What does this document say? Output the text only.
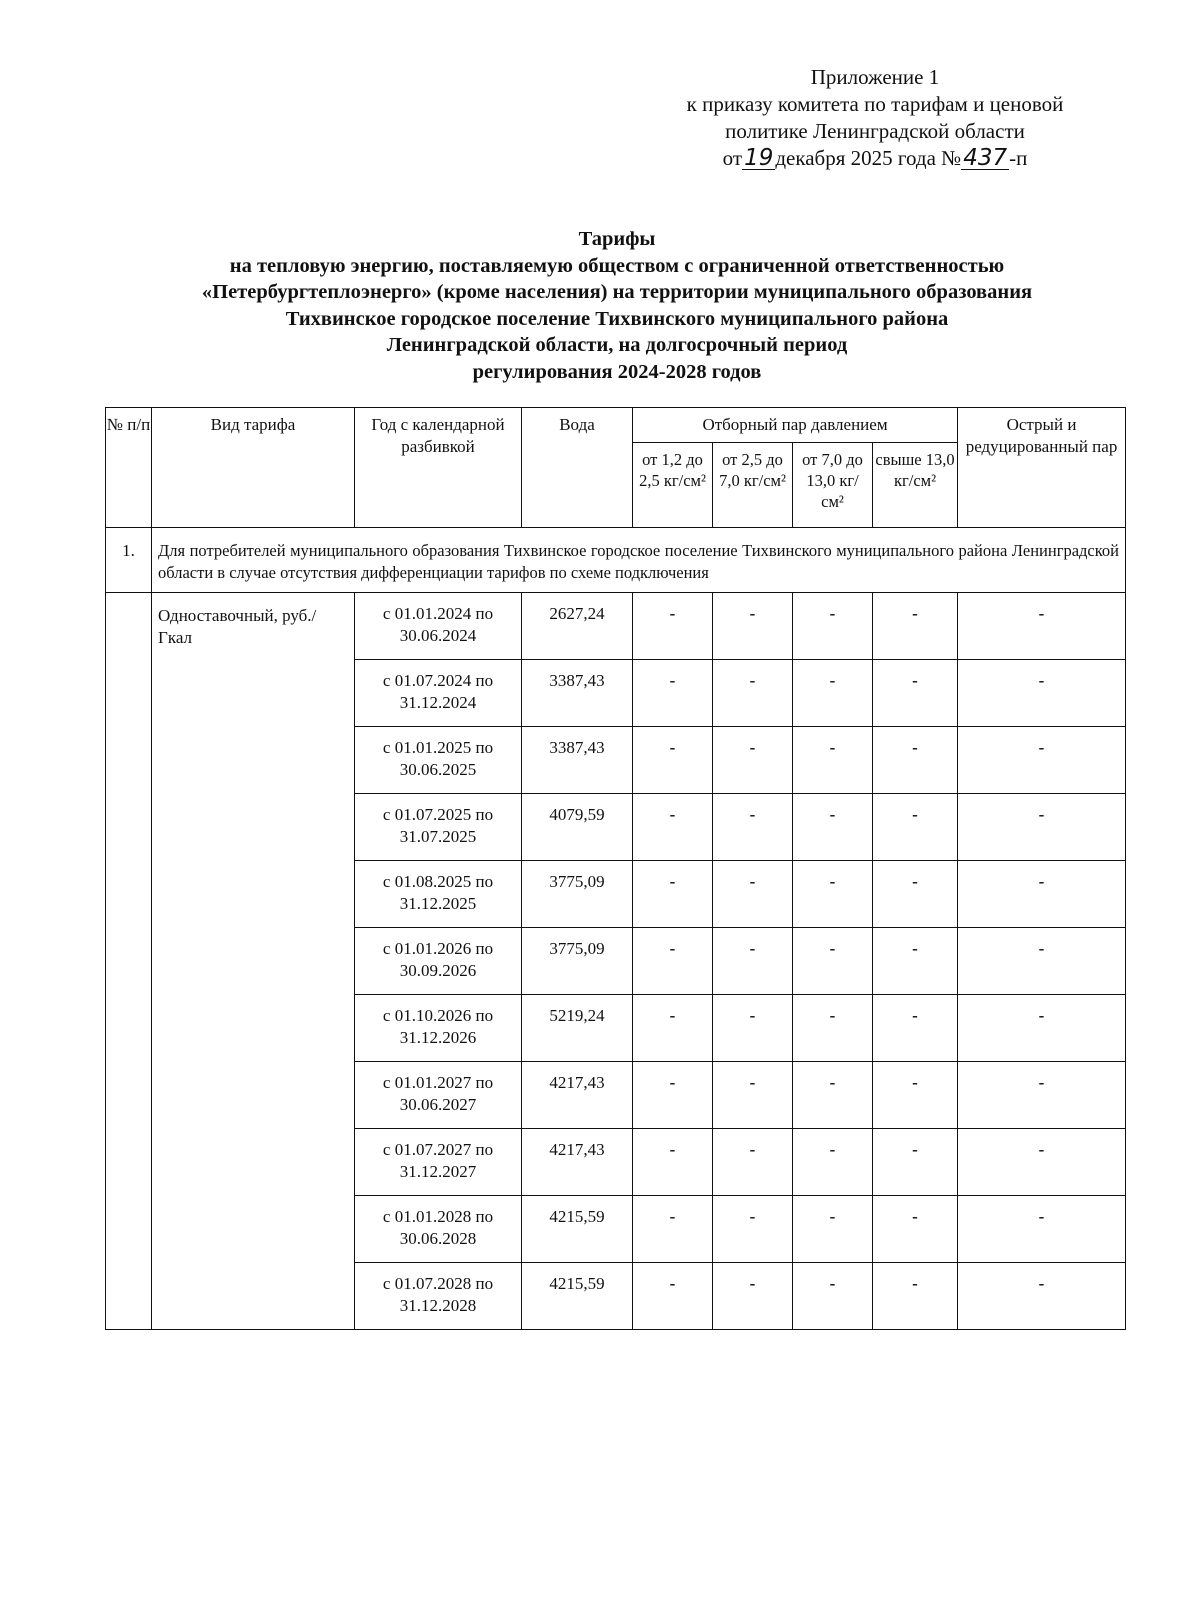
Приложение 1
к приказу комитета по тарифам и ценовой
политике Ленинградской области
от19декабря 2025 года №437-п
Тарифы
на тепловую энергию, поставляемую обществом с ограниченной ответственностью
«Петербургтеплоэнерго» (кроме населения) на территории муниципального образования
Тихвинское городское поселение Тихвинского муниципального района
Ленинградской области, на долгосрочный период
регулирования 2024-2028 годов
№ п/п	Вид тарифа	Год с календарной разбивкой	Вода	Отборный пар давлением				Острый и редуцированный пар
				от 1,2 до 2,5 кг/см²	от 2,5 до 7,0 кг/см²	от 7,0 до 13,0 кг/см²	свыше 13,0 кг/см²	
1.	Для потребителей муниципального образования Тихвинское городское поселение Тихвинского муниципального района Ленинградской области в случае отсутствия дифференциации тарифов по схеме подключения							
	Одноставочный, руб./Гкал	с 01.01.2024 по 30.06.2024	2627,24	-	-	-	-	-
		с 01.07.2024 по 31.12.2024	3387,43	-	-	-	-	-
		с 01.01.2025 по 30.06.2025	3387,43	-	-	-	-	-
		с 01.07.2025 по 31.07.2025	4079,59	-	-	-	-	-
		с 01.08.2025 по 31.12.2025	3775,09	-	-	-	-	-
		с 01.01.2026 по 30.09.2026	3775,09	-	-	-	-	-
		с 01.10.2026 по 31.12.2026	5219,24	-	-	-	-	-
		с 01.01.2027 по 30.06.2027	4217,43	-	-	-	-	-
		с 01.07.2027 по 31.12.2027	4217,43	-	-	-	-	-
		с 01.01.2028 по 30.06.2028	4215,59	-	-	-	-	-
		с 01.07.2028 по 31.12.2028	4215,59	-	-	-	-	-
